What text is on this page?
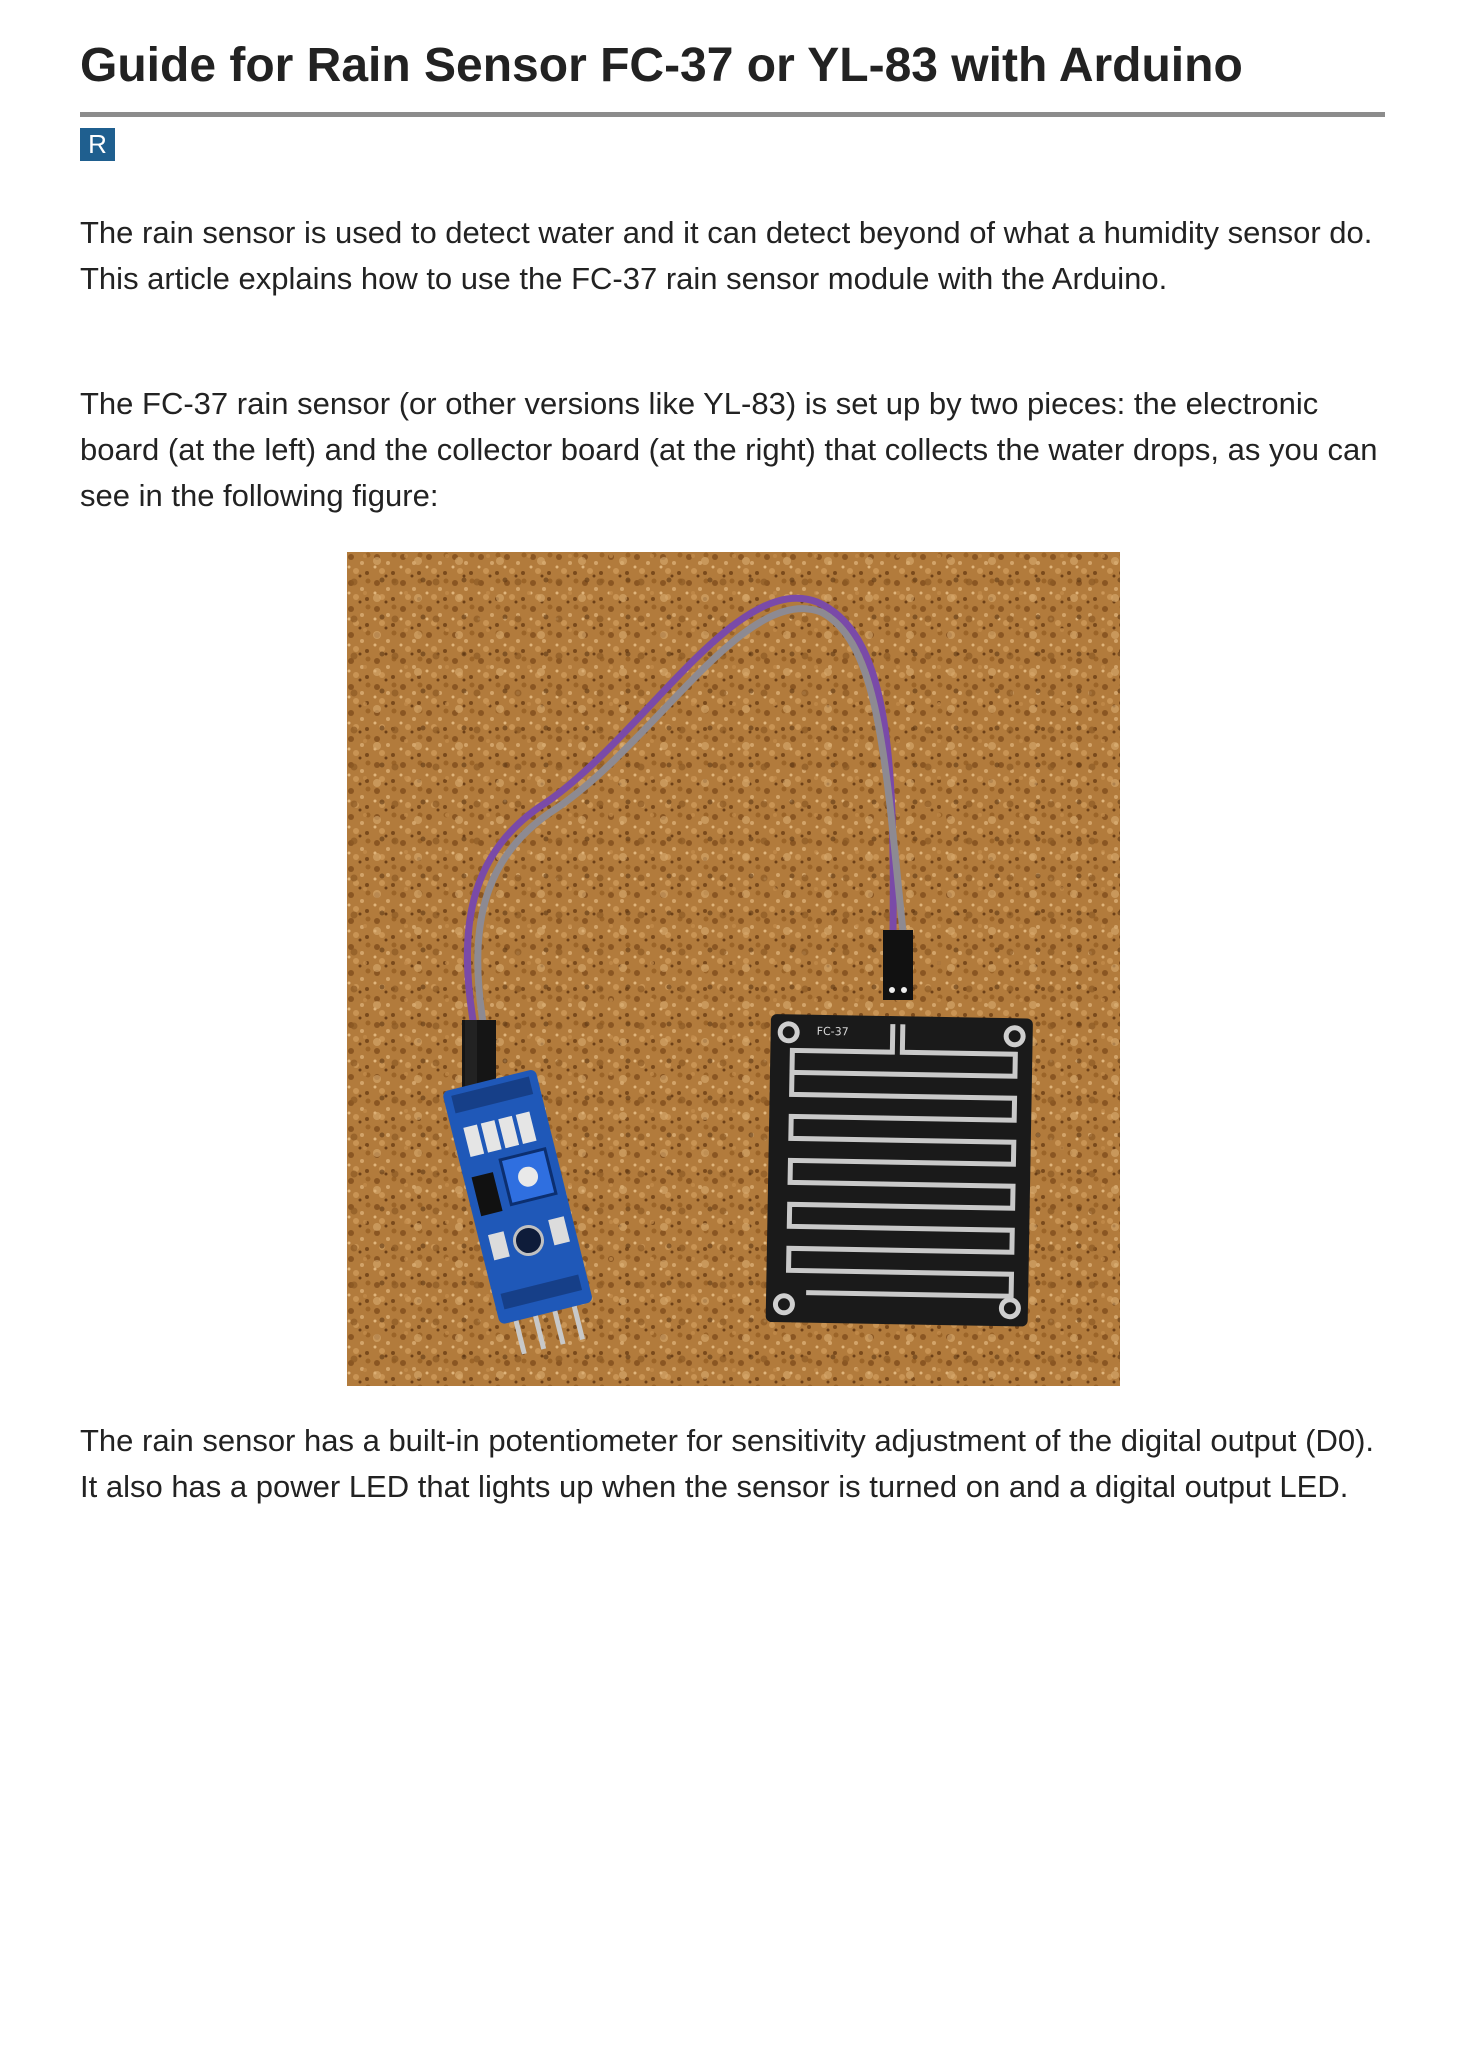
Guide for Rain Sensor FC-37 or YL-83 with Arduino
R

The rain sensor is used to detect water and it can detect beyond of what a humidity sensor do. This article explains how to use the FC-37 rain sensor module with the Arduino.

The FC-37 rain sensor (or other versions like YL-83) is set up by two pieces: the electronic board (at the left) and the collector board (at the right) that collects the water drops, as you can see in the following figure:

FC-37

The rain sensor has a built-in potentiometer for sensitivity adjustment of the digital output (D0). It also has a power LED that lights up when the sensor is turned on and a digital output LED.
